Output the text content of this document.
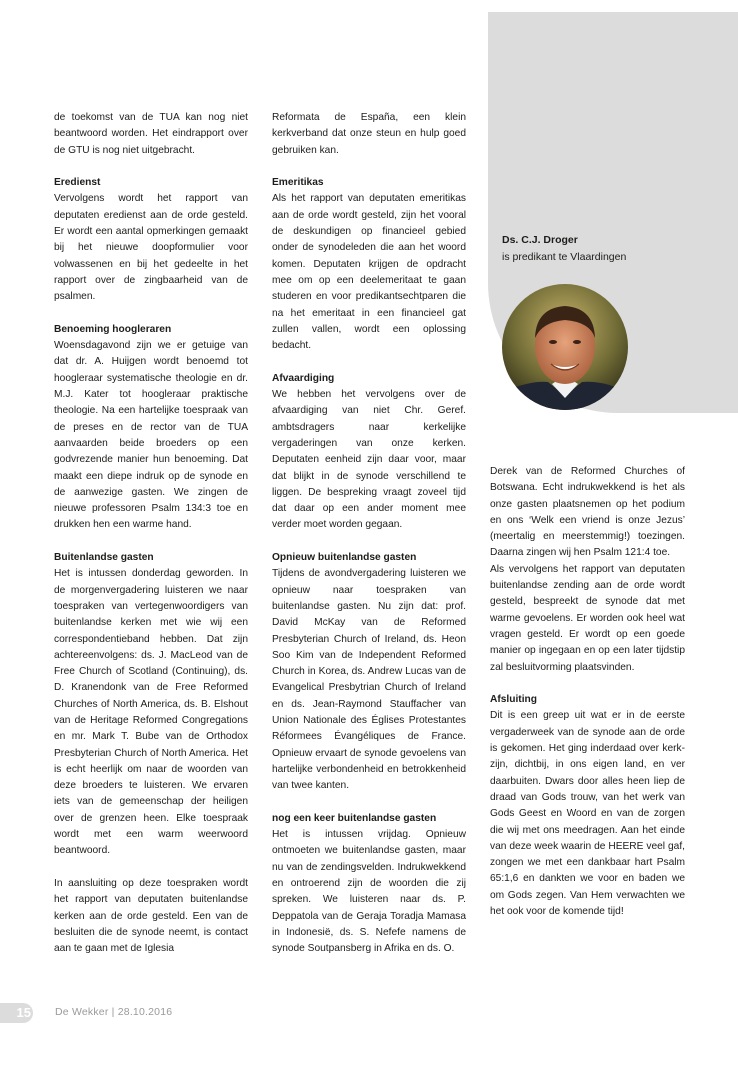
de toekomst van de TUA kan nog niet beantwoord worden. Het eindrapport over de GTU is nog niet uitgebracht.

Eredienst

Vervolgens wordt het rapport van deputaten eredienst aan de orde gesteld. Er wordt een aantal opmerkingen gemaakt bij het nieuwe doopformulier voor volwassenen en bij het gedeelte in het rapport over de zingbaarheid van de psalmen.

Benoeming hoogleraren

Woensdagavond zijn we er getuige van dat dr. A. Huijgen wordt benoemd tot hoogleraar systematische theologie en dr. M.J. Kater tot hoogleraar praktische theologie. Na een hartelijke toespraak van de preses en de rector van de TUA aanvaarden beide broeders op een godvrezende manier hun benoeming. Dat maakt een diepe indruk op de synode en de aanwezige gasten. We zingen de nieuwe professoren Psalm 134:3 toe en drukken hen een warme hand.

Buitenlandse gasten

Het is intussen donderdag geworden. In de morgenvergadering luisteren we naar toespraken van vertegenwoordigers van buitenlandse kerken met wie wij een correspondentieband hebben. Dat zijn achtereenvolgens: ds. J. MacLeod van de Free Church of Scotland (Continuing), ds. D. Kranendonk van de Free Reformed Churches of North America, ds. B. Elshout van de Heritage Reformed Congregations en mr. Mark T. Bube van de Orthodox Presbyterian Church of North America. Het is echt heerlijk om naar de woorden van deze broeders te luisteren. We ervaren iets van de gemeenschap der heiligen over de grenzen heen. Elke toespraak wordt met een warm weerwoord beantwoord.

In aansluiting op deze toespraken wordt het rapport van deputaten buitenlandse kerken aan de orde gesteld. Een van de besluiten die de synode neemt, is contact aan te gaan met de Iglesia

Reformata de España, een klein kerkverband dat onze steun en hulp goed gebruiken kan.

Emeritikas

Als het rapport van deputaten emeritikas aan de orde wordt gesteld, zijn het vooral de deskundigen op financieel gebied onder de synodeleden die aan het woord komen. Deputaten krijgen de opdracht mee om op een deelemeritaat te gaan studeren en voor predikantsechtparen die na het emeritaat in een financieel gat zullen vallen, wordt een oplossing bedacht.

Afvaardiging

We hebben het vervolgens over de afvaardiging van niet Chr. Geref. ambtsdragers naar kerkelijke vergaderingen van onze kerken. Deputaten eenheid zijn daar voor, maar dat blijkt in de synode verschillend te liggen. De bespreking vraagt zoveel tijd dat daar op een ander moment mee verder moet worden gegaan.

Opnieuw buitenlandse gasten

Tijdens de avondvergadering luisteren we opnieuw naar toespraken van buitenlandse gasten. Nu zijn dat: prof. David McKay van de Reformed Presbyterian Church of Ireland, ds. Heon Soo Kim van de Independent Reformed Church in Korea, ds. Andrew Lucas van de Evangelical Presbytrian Church of Ireland en ds. Jean-Raymond Stauffacher van Union Nationale des Églises Protestantes Réformees Évangéliques de France. Opnieuw ervaart de synode gevoelens van hartelijke verbondenheid en betrokkenheid van twee kanten.

nog een keer buitenlandse gasten

Het is intussen vrijdag. Opnieuw ontmoeten we buitenlandse gasten, maar nu van de zendingsvelden. Indrukwekkend en ontroerend zijn de woorden die zij spreken. We luisteren naar ds. P. Deppatola van de Geraja Toradja Mamasa in Indonesië, ds. S. Nefefe namens de synode Soutpansberg in Afrika en ds. O.

Derek van de Reformed Churches of Botswana. Echt indrukwekkend is het als onze gasten plaatsnemen op het podium en ons ‘Welk een vriend is onze Jezus’ (meertalig en meerstemmig!) toezingen. Daarna zingen wij hen Psalm 121:4 toe.

Als vervolgens het rapport van deputaten buitenlandse zending aan de orde wordt gesteld, bespreekt de synode dat met warme gevoelens. Er worden ook heel wat vragen gesteld. Er wordt op een goede manier op ingegaan en op een later tijdstip zal besluitvorming plaatsvinden.

Afsluiting

Dit is een greep uit wat er in de eerste vergaderweek van de synode aan de orde is gekomen. Het ging inderdaad over kerk-zijn, dichtbij, in ons eigen land, en ver daarbuiten. Dwars door alles heen liep de draad van Gods trouw, van het werk van Gods Geest en Woord en van de zorgen die wij met ons meedragen. Aan het einde van deze week waarin de HEERE veel gaf, zongen we met een dankbaar hart Psalm 65:1,6 en dankten we voor en baden we om Gods zegen. Van Hem verwachten we het ook voor de komende tijd!

Ds. C.J. Droger
is predikant te Vlaardingen
15 De Wekker | 28.10.2016
